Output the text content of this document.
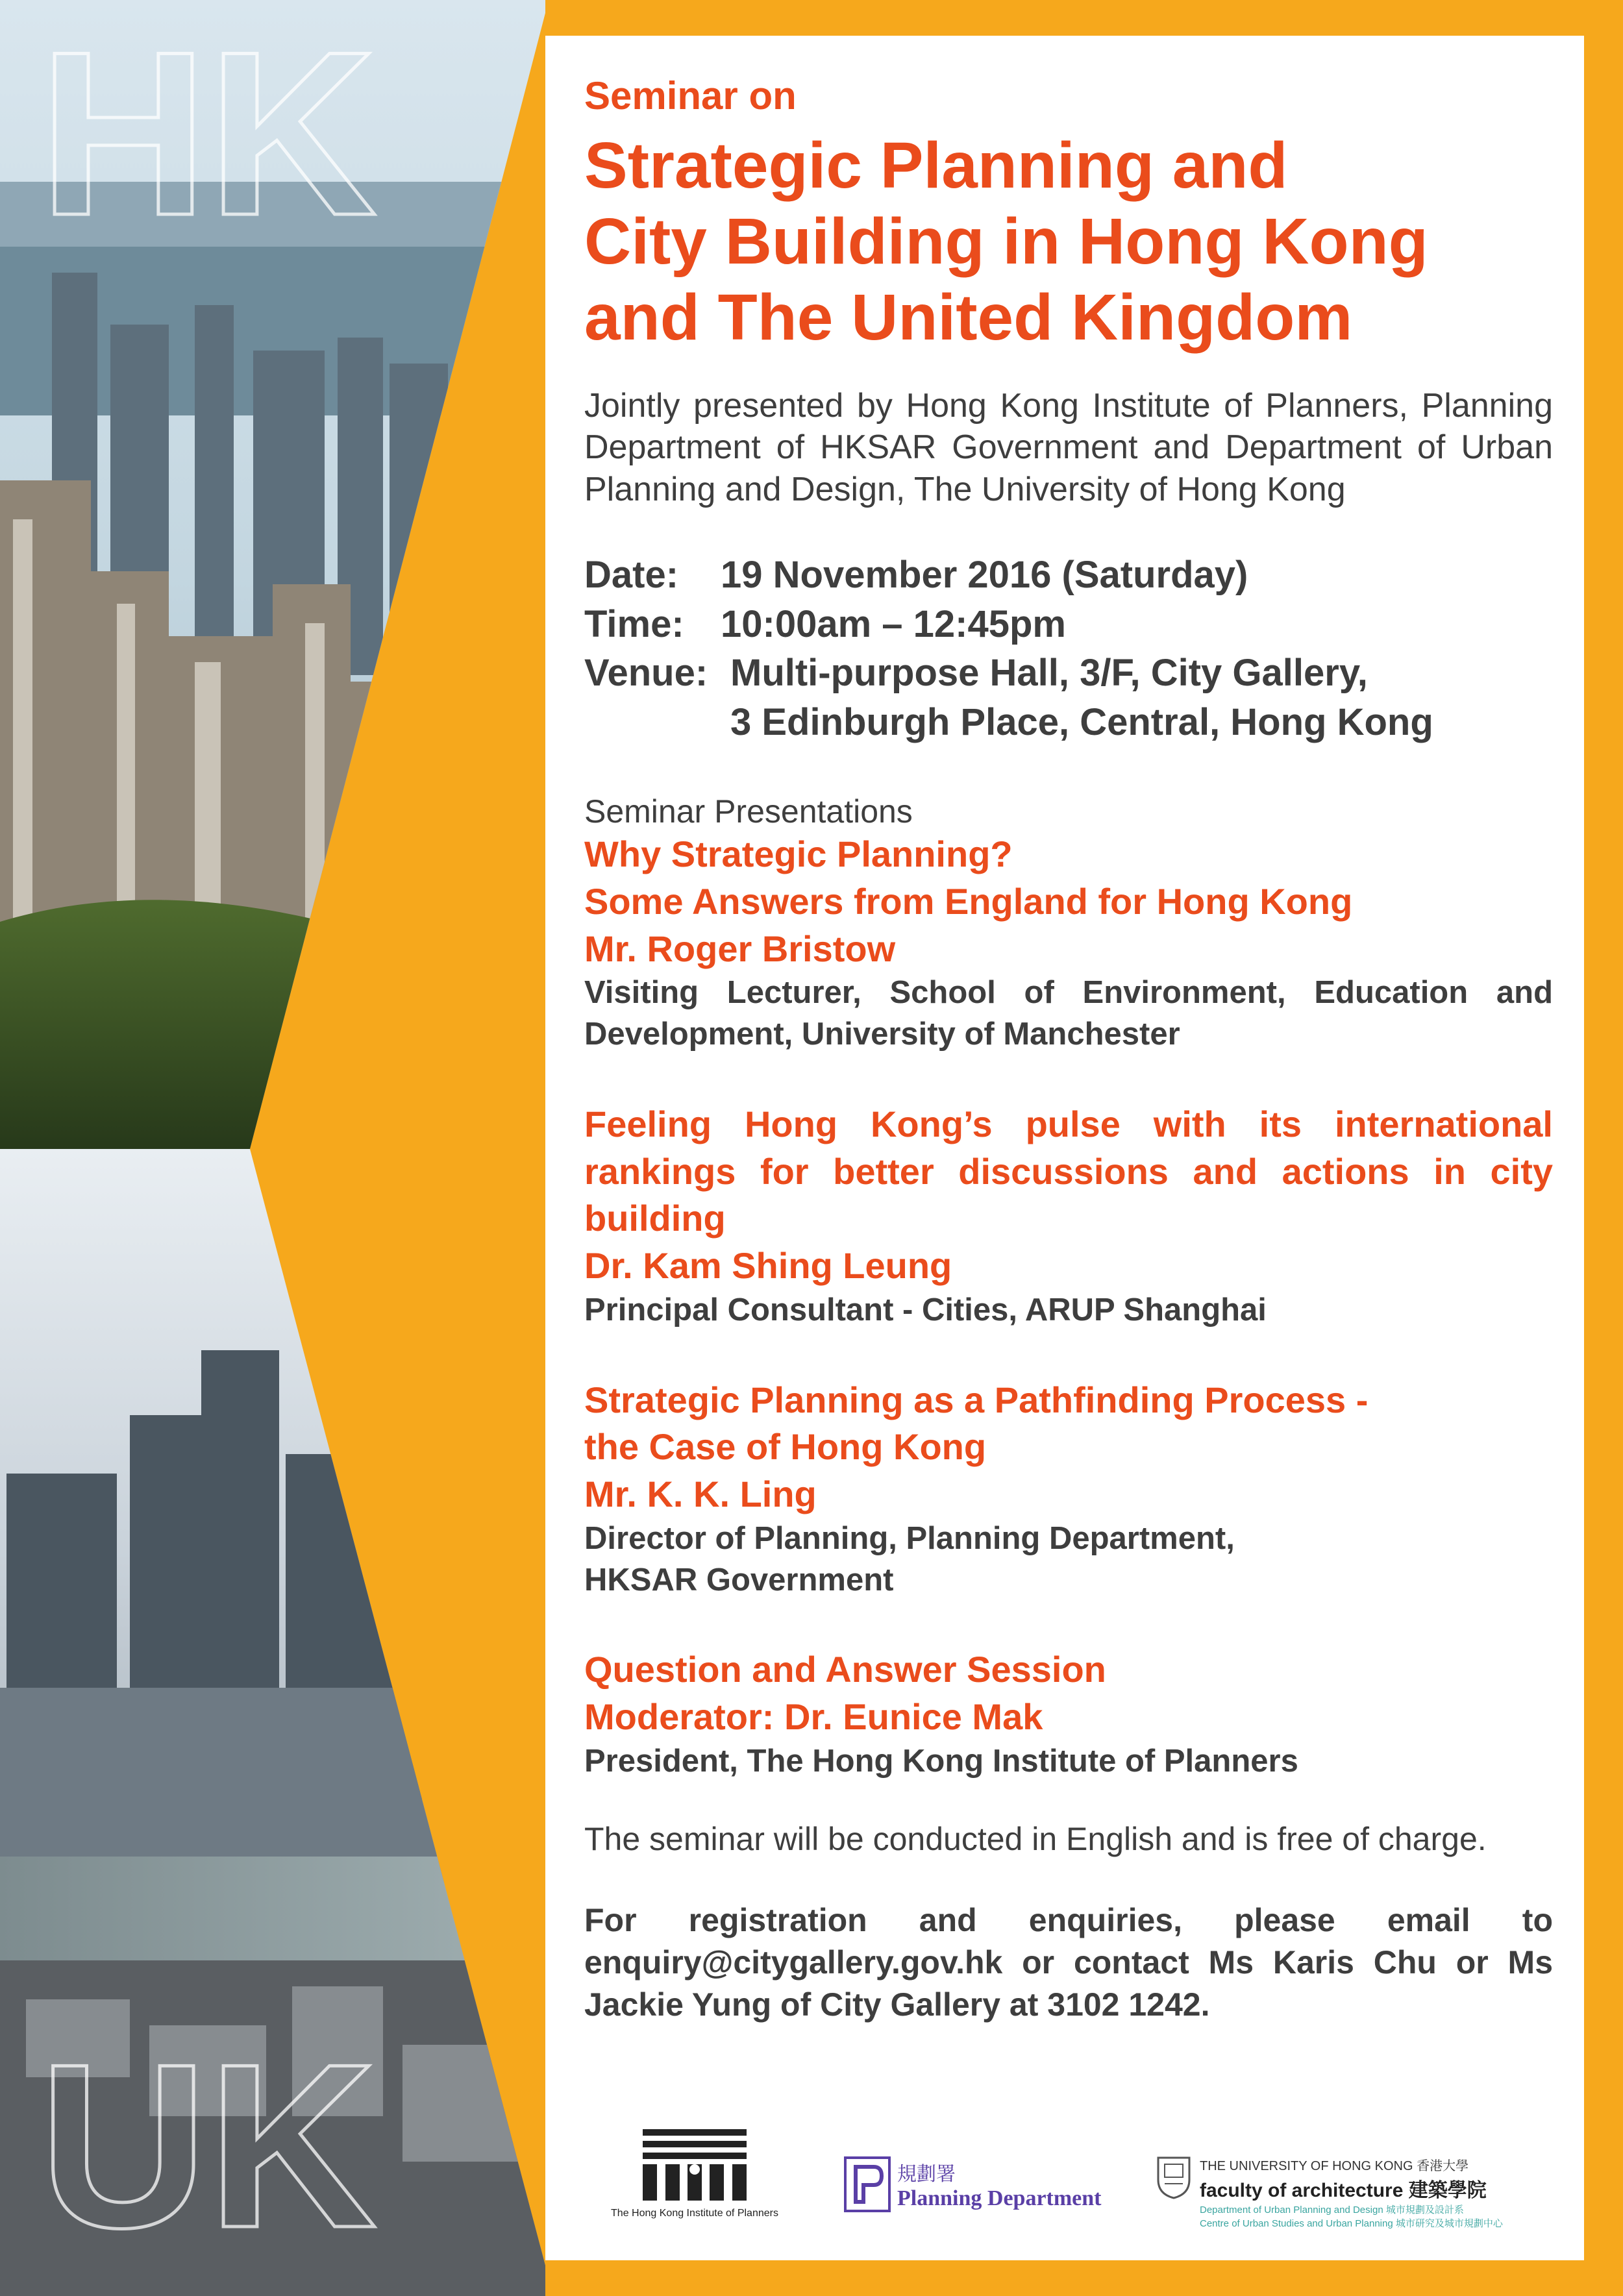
HK
UK

Seminar on

Strategic Planning and
City Building in Hong Kong
and The United Kingdom

Jointly presented by Hong Kong Institute of Planners, Planning Department of HKSAR Government and Department of Urban Planning and Design, The University of Hong Kong

Date:	19 November 2016 (Saturday)
Time: 10:00am – 12:45pm
Venue: Multi-purpose Hall, 3/F, City Gallery,
3 Edinburgh Place, Central, Hong Kong
Seminar Presentations
Why Strategic Planning?
Some Answers from England for Hong Kong
Mr. Roger Bristow
Visiting Lecturer, School of Environment, Education and Development, University of Manchester
Feeling Hong Kong’s pulse with its international rankings for better discussions and actions in city building
Dr. Kam Shing Leung
Principal Consultant - Cities, ARUP Shanghai
Strategic Planning as a Pathfinding Process -
the Case of Hong Kong
Mr. K. K. Ling
Director of Planning, Planning Department,
HKSAR Government
Question and Answer Session
Moderator: Dr. Eunice Mak
President, The Hong Kong Institute of Planners
The seminar will be conducted in English and is free of charge.
For registration and enquiries, please email to
enquiry@citygallery.gov.hk or contact Ms Karis Chu or Ms Jackie Yung of City Gallery at 3102 1242.
The Hong Kong Institute of Planners
規劃署
Planning Department
THE UNIVERSITY OF HONG KONG 香港大學
faculty of architecture 建築學院
Department of Urban Planning and Design 城市規劃及設計系
Centre of Urban Studies and Urban Planning 城市研究及城市規劃中心
